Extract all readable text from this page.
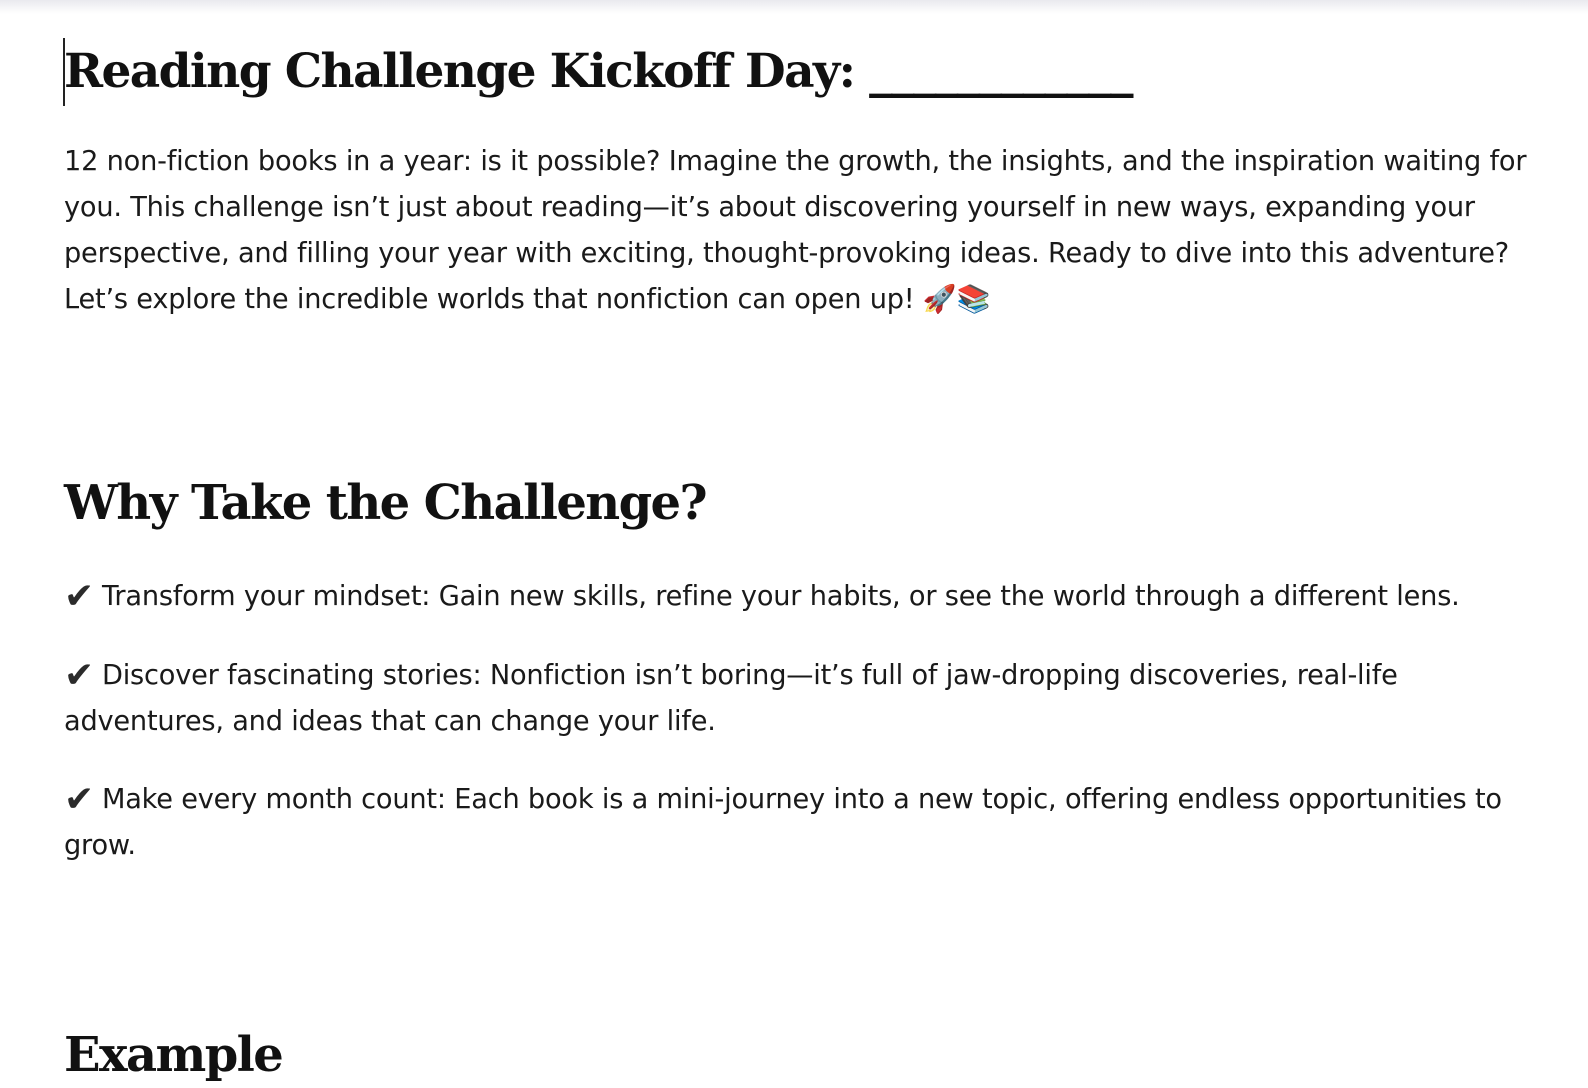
Reading Challenge Kickoff Day: ____________

12 non-fiction books in a year: is it possible? Imagine the growth, the insights, and the inspiration waiting for you. This challenge isn’t just about reading—it’s about discovering yourself in new ways, expanding your perspective, and filling your year with exciting, thought-provoking ideas. Ready to dive into this adventure? Let’s explore the incredible worlds that nonfiction can open up! 🚀📚

Why Take the Challenge?

✔ Transform your mindset: Gain new skills, refine your habits, or see the world through a different lens.

✔ Discover fascinating stories: Nonfiction isn’t boring—it’s full of jaw-dropping discoveries, real-life adventures, and ideas that can change your life.

✔ Make every month count: Each book is a mini-journey into a new topic, offering endless opportunities to grow.

Example
